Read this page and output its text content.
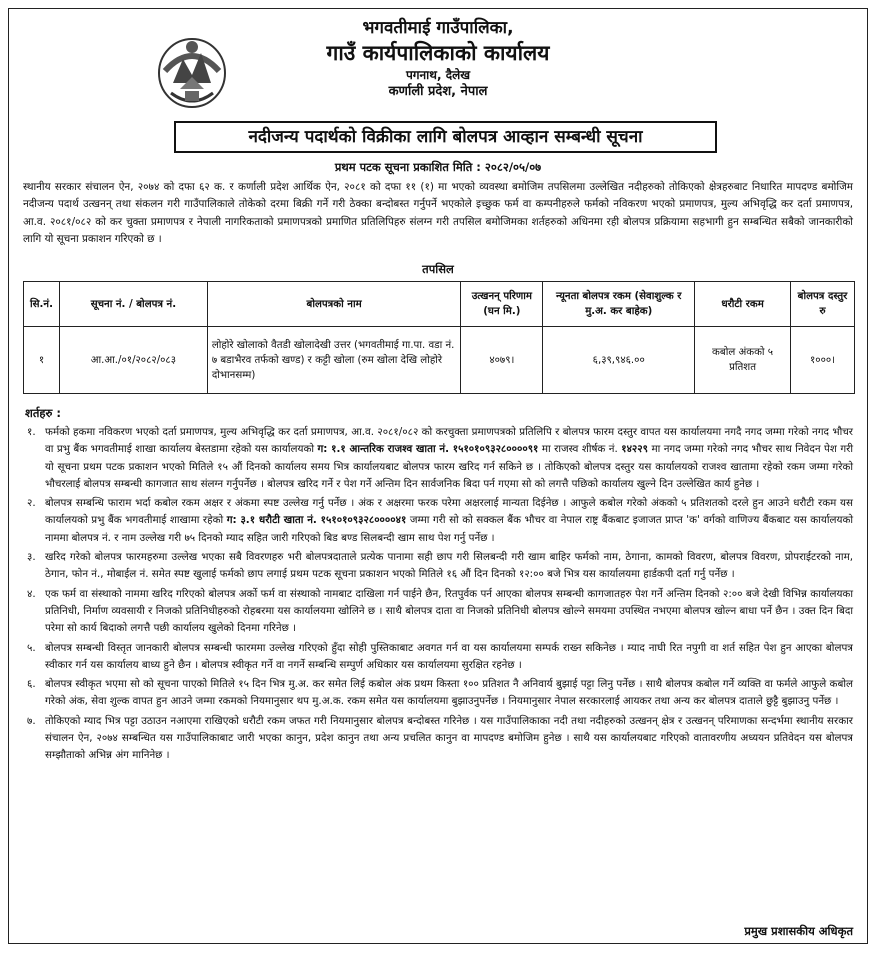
भगवतीमाई गाउँपालिका,
गाउँ कार्यपालिकाको कार्यालय
पगनाथ, दैलेख
कर्णाली प्रदेश, नेपाल
नदीजन्य पदार्थको विक्रीका लागि बोलपत्र आव्हान सम्बन्धी सूचना
प्रथम पटक सूचना प्रकाशित मिति : २०८२/०५/०७
स्थानीय सरकार संचालन ऐन, २०७४ को दफा ६२ क. र कर्णाली प्रदेश आर्थिक ऐन, २०८१ को दफा ११ (१) मा भएको व्यवस्था बमोजिम तपसिलमा उल्लेखित नदीहरुको तोकिएको क्षेत्रहरुबाट निधारित मापदण्ड बमोजिम नदीजन्य पदार्थ उत्खनन् तथा संकलन गरी गाउँपालिकाले तोकेको दरमा बिक्री गर्ने गरी ठेक्का बन्दोबस्त गर्नुपर्ने भएकोले इच्छुक फर्म वा कम्पनीहरुले फर्मको नविकरण भएको प्रमाणपत्र, मुल्य अभिवृद्धि कर दर्ता प्रमाणपत्र, आ.व. २०८१/०८२ को कर चुक्ता प्रमाणपत्र र नेपाली नागरिकताको प्रमाणपत्रको प्रमाणित प्रतिलिपिहरु संलग्न गरी तपसिल बमोजिमका शर्तहरुको अधिनमा रही बोलपत्र प्रक्रियामा सहभागी हुन सम्बन्धित सबैको जानकारीको लागि यो सूचना प्रकाशन गरिएको छ ।
तपसिल
सि.नं.	सूचना नं. / बोलपत्र नं.	बोलपत्रको नाम	उत्खनन् परिणाम (घन मि.)	न्यूनता बोलपत्र रकम (सेवाशुल्क र मु.अ. कर बाहेक)	धरौटी रकम	बोलपत्र दस्तुर रु
१	आ.आ./०१/२०८२/०८३	लोहोरे खोलाको वैतडी खोलादेखी उत्तर (भगवतीमाई गा.पा. वडा नं. ७ बडाभैरव तर्फको खण्ड) र कट्टी खोला (रुम खोला देखि लोहोरे दोभानसम्म)	४०७९।	६,३९,९४६.००	कबोल अंकको ५ प्रतिशत	१०००।
शर्तहरु :
१. फर्मको हकमा नविकरण भएको दर्ता प्रमाणपत्र, मुल्य अभिवृद्धि कर दर्ता प्रमाणपत्र, आ.व. २०८१/०८२ को करचुक्ता प्रमाणपत्रको प्रतिलिपि र बोलपत्र फारम दस्तुर वापत यस कार्यालयमा नगदै नगद जम्मा गरेको नगद भौचर वा प्रभु बैंक भगवतीमाई शाखा कार्यालय बेस्तडामा रहेको यस कार्यालयको ग: १.१ आन्तरिक राजश्व खाता नं. १५१०१०९३२८००००९१ मा राजस्व शीर्षक नं. १४२२९ मा नगद जम्मा गरेको नगद भौचर साथ निवेदन पेश गरी यो सूचना प्रथम पटक प्रकाशन भएको मितिले १५ औं दिनको कार्यालय समय भित्र कार्यालयबाट बोलपत्र फारम खरिद गर्न सकिने छ । तोकिएको बोलपत्र दस्तुर यस कार्यालयको राजश्व खातामा रहेको रकम जम्मा गरेको भौचरलाई बोलपत्र सम्बन्धी कागजात साथ संलग्न गर्नुपर्नेछ । बोलपत्र खरिद गर्ने र पेश गर्ने अन्तिम दिन सार्वजनिक बिदा पर्न गएमा सो को लगत्तै पछिको कार्यालय खुल्ने दिन उल्लेखित कार्य हुनेछ ।
२. बोलपत्र सम्बन्धि फाराम भर्दा कबोल रकम अक्षर र अंकमा स्पष्ट उल्लेख गर्नु पर्नेछ । अंक र अक्षरमा फरक परेमा अक्षरलाई मान्यता दिईनेछ । आफुले कबोल गरेको अंकको ५ प्रतिशतको दरले हुन आउने धरौटी रकम यस कार्यालयको प्रभु बैंक भगवतीमाई शाखामा रहेको ग: ३.१ धरौटी खाता नं. १५१०१०९३२८००००४१ जम्मा गरी सो को सक्कल बैंक भौचर वा नेपाल राष्ट्र बैंकबाट इजाजत प्राप्त 'क' वर्गको वाणिज्य बैंकबाट यस कार्यालयको नाममा बोलपत्र नं. र नाम उल्लेख गरी ७५ दिनको म्याद सहित जारी गरिएको बिड बण्ड सिलबन्दी खाम साथ पेश गर्नु पर्नेछ ।
३. खरिद गरेको बोलपत्र फारमहरुमा उल्लेख भएका सबै विवरणहरु भरी बोलपत्रदाताले प्रत्येक पानामा सही छाप गरी सिलबन्दी गरी खाम बाहिर फर्मको नाम, ठेगाना, कामको विवरण, बोलपत्र विवरण, प्रोपराईटरको नाम, ठेगान, फोन नं., मोबाईल नं. समेत स्पष्ट खुलाई फर्मको छाप लगाई प्रथम पटक सूचना प्रकाशन भएको मितिले १६ औं दिन दिनको १२:०० बजे भित्र यस कार्यालयमा हार्डकपी दर्ता गर्नु पर्नेछ ।
४. एक फर्म वा संस्थाको नाममा खरिद गरिएको बोलपत्र अर्को फर्म वा संस्थाको नामबाट दाखिला गर्न पाईने छैन, रितपुर्वक पर्न आएका बोलपत्र सम्बन्धी कागजातहरु पेश गर्ने अन्तिम दिनको २:०० बजे देखी विभिन्न कार्यालयका प्रतिनिधी, निर्माण व्यवसायी र निजको प्रतिनिधीहरुको रोहबरमा यस कार्यालयमा खोलिने छ । साथै बोलपत्र दाता वा निजको प्रतिनिधी बोलपत्र खोल्ने समयमा उपस्थित नभएमा बोलपत्र खोल्न बाधा पर्ने छैन । उक्त दिन बिदा परेमा सो कार्य बिदाको लगत्तै पछी कार्यालय खुलेको दिनमा गरिनेछ ।
५. बोलपत्र सम्बन्धी विस्तृत जानकारी बोलपत्र सम्बन्धी फारममा उल्लेख गरिएको हुँदा सोही पुस्तिकाबाट अवगत गर्न वा यस कार्यालयमा सम्पर्क राख्न सकिनेछ । म्याद नाघी रित नपुगी वा शर्त सहित पेश हुन आएका बोलपत्र स्वीकार गर्न यस कार्यालय बाध्य हुने छैन । बोलपत्र स्वीकृत गर्ने वा नगर्ने सम्बन्धि सम्पुर्ण अधिकार यस कार्यालयमा सुरक्षित रहनेछ ।
६. बोलपत्र स्वीकृत भएमा सो को सूचना पाएको मितिले १५ दिन भित्र मु.अ. कर समेत लिई कबोल अंक प्रथम किस्ता १०० प्रतिशत नै अनिवार्य बुझाई पट्टा लिनु पर्नेछ । साथै बोलपत्र कबोल गर्ने व्यक्ति वा फर्मले आफुले कबोल गरेको अंक, सेवा शुल्क वापत हुन आउने जम्मा रकमको नियमानुसार थप मु.अ.क. रकम समेत यस कार्यालयमा बुझाउनुपर्नेछ । नियमानुसार नेपाल सरकारलाई आयकर तथा अन्य कर बोलपत्र दाताले छुट्टै बुझाउनु पर्नेछ ।
७. तोकिएको म्याद भित्र पट्टा उठाउन नआएमा राखिएको धरौटी रकम जफत गरी नियमानुसार बोलपत्र बन्दोबस्त गरिनेछ । यस गाउँपालिकाका नदी तथा नदीहरुको उत्खनन् क्षेत्र र उत्खनन् परिमाणका सन्दर्भमा स्थानीय सरकार संचालन ऐन, २०७४ सम्बन्धित यस गाउँपालिकाबाट जारी भएका कानुन, प्रदेश कानुन तथा अन्य प्रचलित कानुन वा मापदण्ड बमोजिम हुनेछ । साथै यस कार्यालयबाट गरिएको वातावरणीय अध्ययन प्रतिवेदन यस बोलपत्र सम्झौताको अभिन्न अंग मानिनेछ ।
प्रमुख प्रशासकीय अधिकृत
